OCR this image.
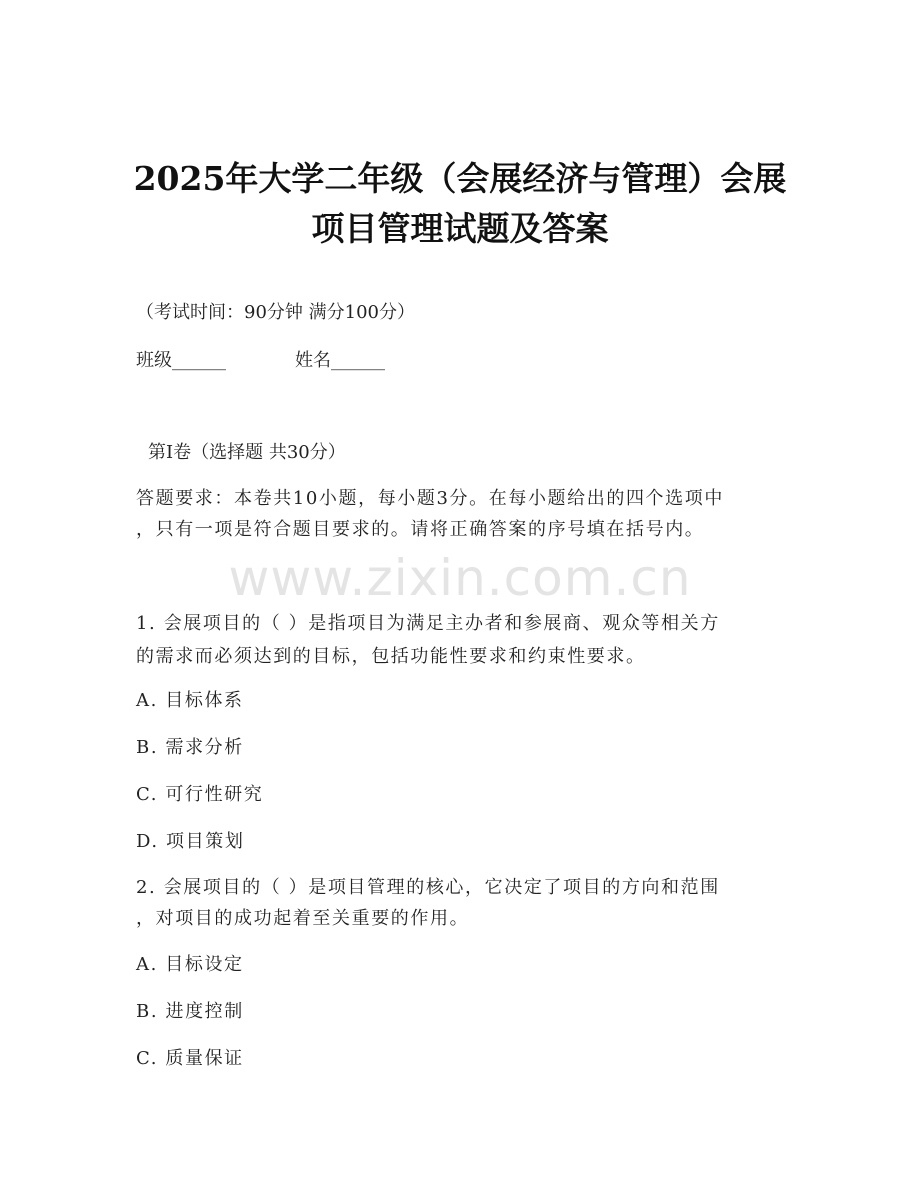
2025年大学二年级（会展经济与管理）会展
项目管理试题及答案
（考试时间：90分钟 满分100分）
班级______	姓名______
第Ⅰ卷（选择题 共30分）
答题要求：本卷共10小题，每小题3分。在每小题给出的四个选项中
，只有一项是符合题目要求的。请将正确答案的序号填在括号内。
www.zixin.com.cn
1. 会展项目的（ ）是指项目为满足主办者和参展商、观众等相关方
的需求而必须达到的目标，包括功能性要求和约束性要求。
A. 目标体系
B. 需求分析
C. 可行性研究
D. 项目策划
2. 会展项目的（ ）是项目管理的核心，它决定了项目的方向和范围
，对项目的成功起着至关重要的作用。
A. 目标设定
B. 进度控制
C. 质量保证
